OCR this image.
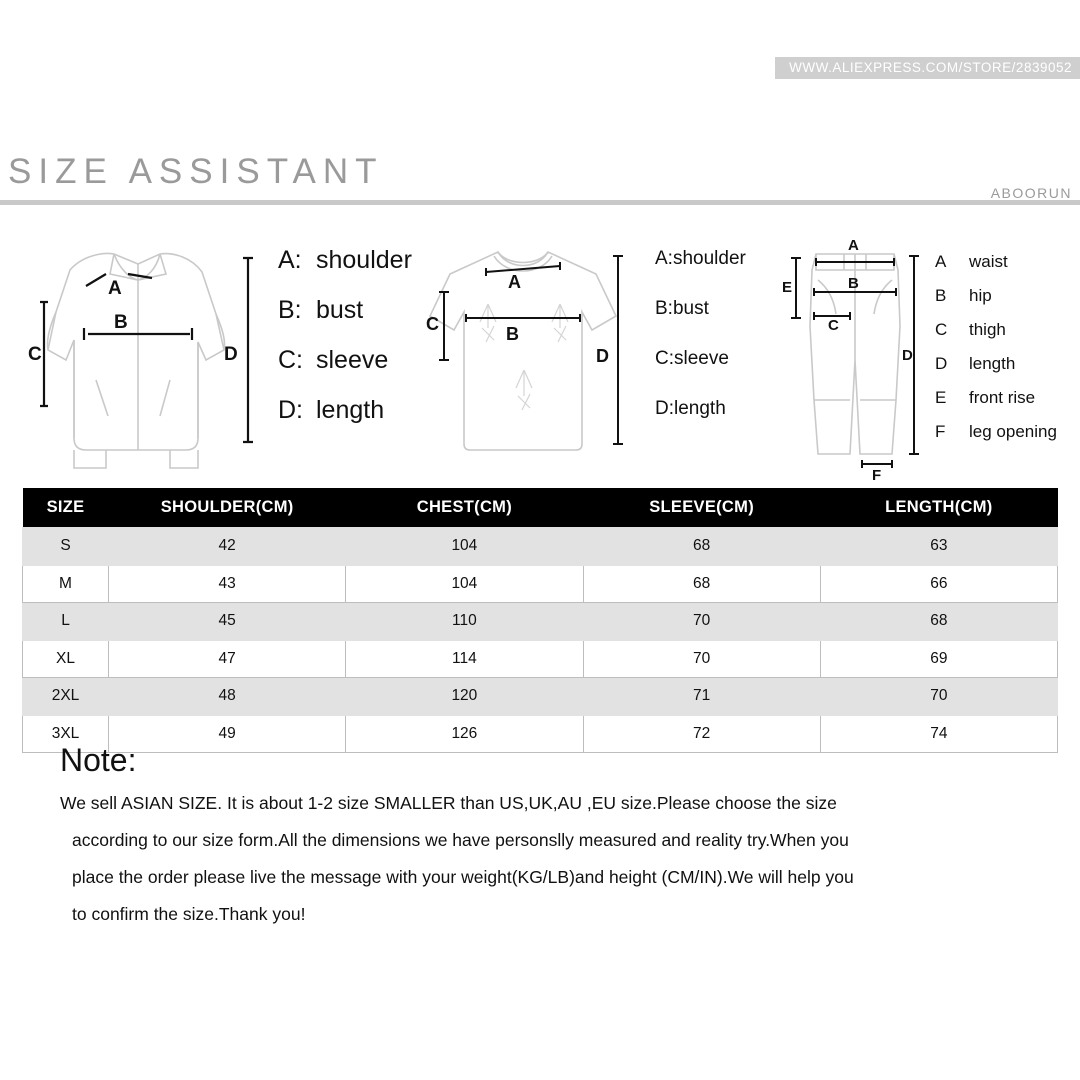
SIZE ASSISTANT
ABOORUN
WWW.ALIEXPRESS.COM/STORE/2839052
A
B
C	D
A: shoulder
B: bust
C: sleeve
D: length
A
B
C
D
A:shoulder
B:bust
C:sleeve
D:length
A
B
C
D
E
F
A waist
B hip
C thigh
D length
E front rise
F leg opening
SIZE	SHOULDER(CM)	CHEST(CM)	SLEEVE(CM)	LENGTH(CM)
S	42	104	68	63
M	43	104	68	66
L	45	110	70	68
XL	47	114	70	69
2XL	48	120	71	70
3XL	49	126	72	74
Note:
We sell ASIAN SIZE. It is about 1-2 size SMALLER than US,UK,AU ,EU size.Please choose the size
according to our size form.All the dimensions we have personslly measured and reality try.When you
place the order please live the message with your weight(KG/LB)and height (CM/IN).We will help you
to confirm the size.Thank you!
